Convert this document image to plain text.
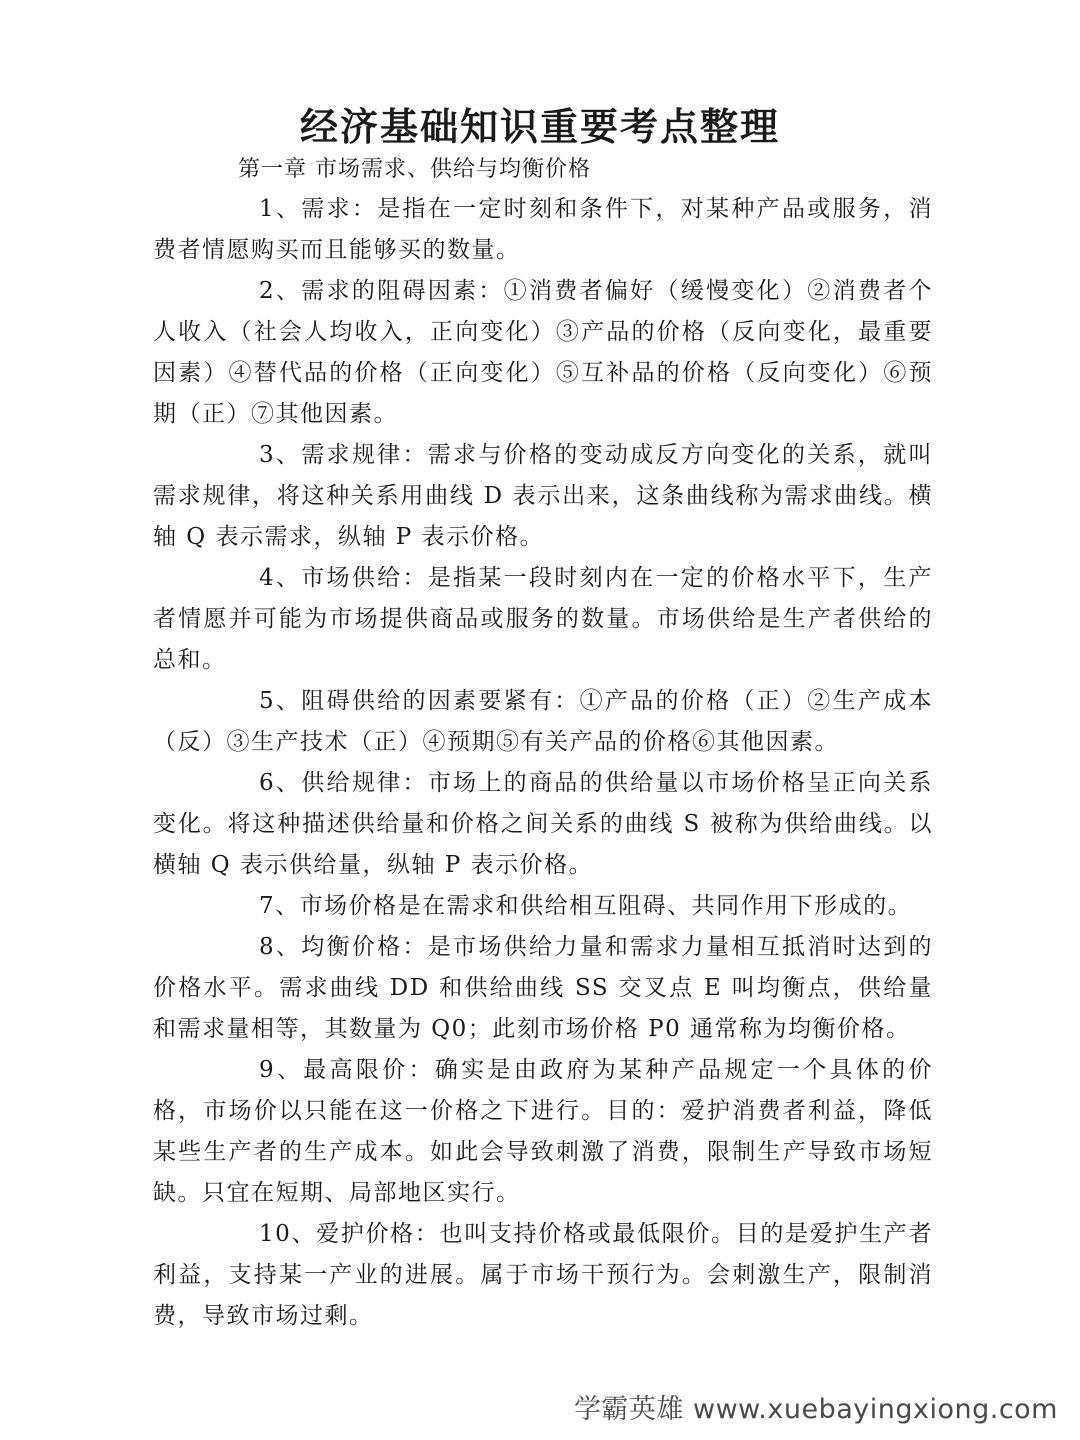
经济基础知识重要考点整理
第一章 市场需求、供给与均衡价格

1、需求：是指在一定时刻和条件下，对某种产品或服务，消费者情愿购买而且能够买的数量。

2、需求的阻碍因素：①消费者偏好（缓慢变化）②消费者个人收入（社会人均收入，正向变化）③产品的价格（反向变化，最重要因素）④替代品的价格（正向变化）⑤互补品的价格（反向变化）⑥预期（正）⑦其他因素。

3、需求规律：需求与价格的变动成反方向变化的关系，就叫需求规律，将这种关系用曲线 D 表示出来，这条曲线称为需求曲线。横轴 Q 表示需求，纵轴 P 表示价格。

4、市场供给：是指某一段时刻内在一定的价格水平下，生产者情愿并可能为市场提供商品或服务的数量。市场供给是生产者供给的总和。

5、阻碍供给的因素要紧有：①产品的价格（正）②生产成本（反）③生产技术（正）④预期⑤有关产品的价格⑥其他因素。

6、供给规律：市场上的商品的供给量以市场价格呈正向关系变化。将这种描述供给量和价格之间关系的曲线 S 被称为供给曲线。以横轴 Q 表示供给量，纵轴 P 表示价格。

7、市场价格是在需求和供给相互阻碍、共同作用下形成的。

8、均衡价格：是市场供给力量和需求力量相互抵消时达到的价格水平。需求曲线 DD 和供给曲线 SS 交叉点 E 叫均衡点，供给量和需求量相等，其数量为 Q0；此刻市场价格 P0 通常称为均衡价格。

9、最高限价：确实是由政府为某种产品规定一个具体的价格，市场价以只能在这一价格之下进行。目的：爱护消费者利益，降低某些生产者的生产成本。如此会导致刺激了消费，限制生产导致市场短缺。只宜在短期、局部地区实行。

10、爱护价格：也叫支持价格或最低限价。目的是爱护生产者利益，支持某一产业的进展。属于市场干预行为。会刺激生产，限制消费，导致市场过剩。

学霸英雄 www.xuebayingxiong.com
